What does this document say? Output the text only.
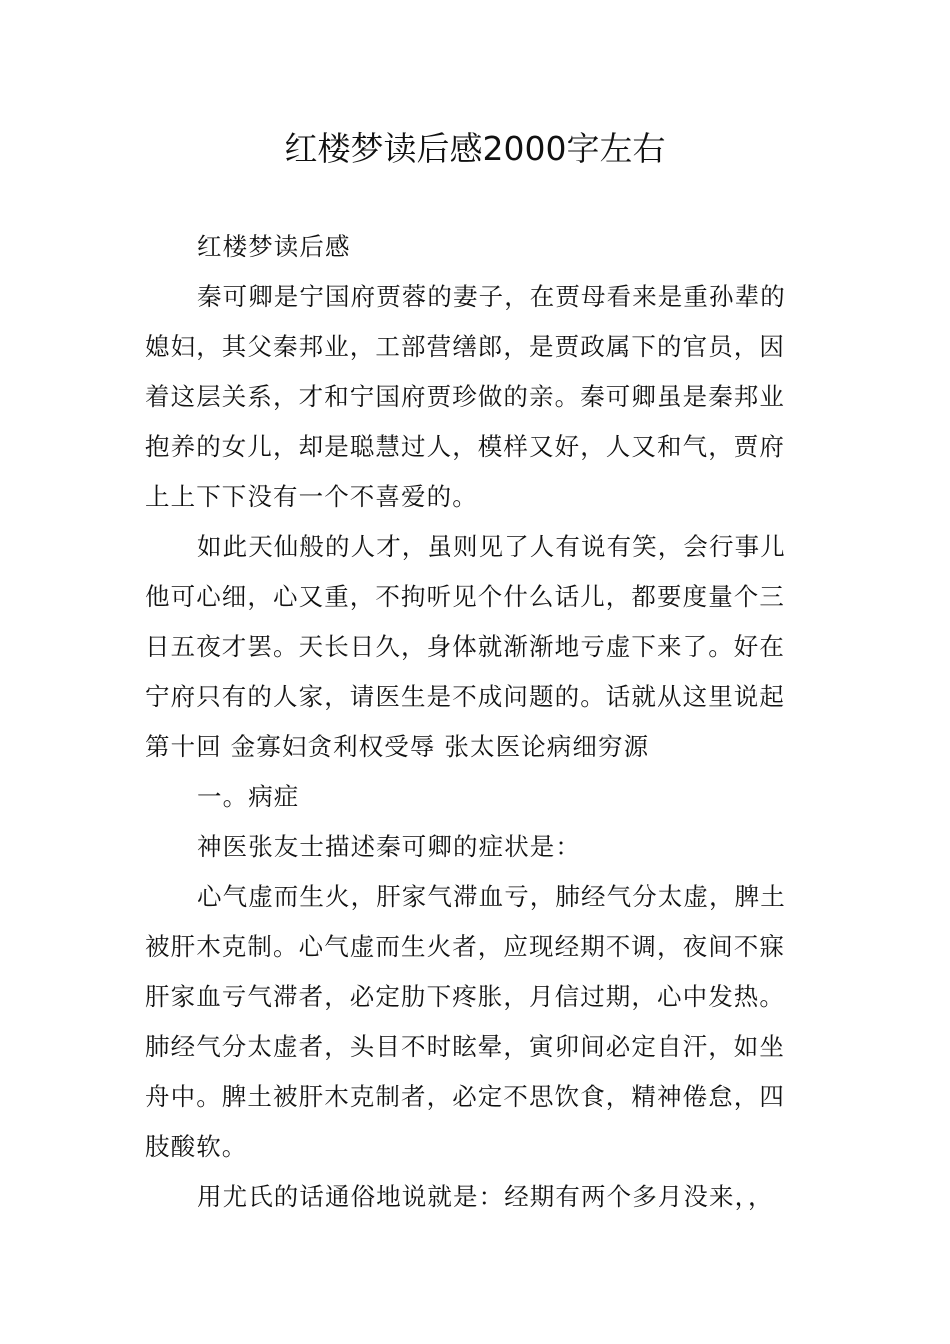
红楼梦读后感2000字左右

红楼梦读后感

秦可卿是宁国府贾蓉的妻子，在贾母看来是重孙辈的
媳妇，其父秦邦业，工部营缮郎，是贾政属下的官员，因
着这层关系，才和宁国府贾珍做的亲。秦可卿虽是秦邦业
抱养的女儿，却是聪慧过人，模样又好，人又和气，贾府
上上下下没有一个不喜爱的。

如此天仙般的人才，虽则见了人有说有笑，会行事儿
他可心细，心又重，不拘听见个什么话儿，都要度量个三
日五夜才罢。天长日久，身体就渐渐地亏虚下来了。好在
宁府只有的人家，请医生是不成问题的。话就从这里说起
第十回 金寡妇贪利权受辱 张太医论病细穷源

一。病症

神医张友士描述秦可卿的症状是：

心气虚而生火，肝家气滞血亏，肺经气分太虚，脾土
被肝木克制。心气虚而生火者，应现经期不调，夜间不寐
肝家血亏气滞者，必定肋下疼胀，月信过期，心中发热。
肺经气分太虚者，头目不时眩晕，寅卯间必定自汗，如坐
舟中。脾土被肝木克制者，必定不思饮食，精神倦怠，四
肢酸软。

用尤氏的话通俗地说就是：经期有两个多月没来，，
